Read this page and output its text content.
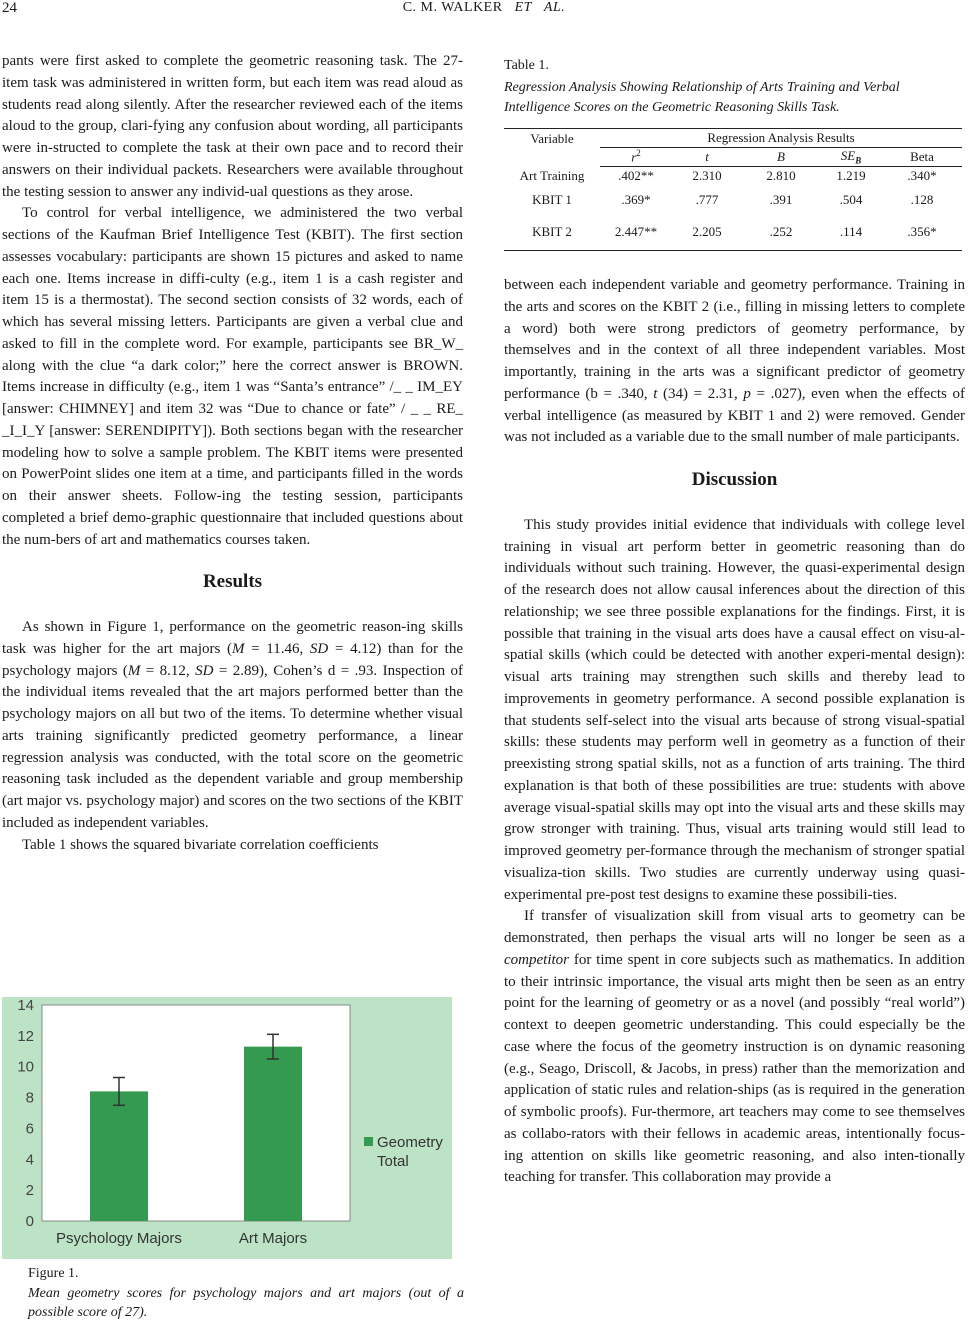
24	C. M. WALKER ET AL.

pants were first asked to complete the geometric reasoning task. The 27-item task was administered in written form, but each item was read aloud as students read along silently. After the researcher reviewed each of the items aloud to the group, clari-fying any confusion about wording, all participants were in-structed to complete the task at their own pace and to record their answers on their individual packets. Researchers were available throughout the testing session to answer any individ-ual questions as they arose.

To control for verbal intelligence, we administered the two verbal sections of the Kaufman Brief Intelligence Test (KBIT). The first section assesses vocabulary: participants are shown 15 pictures and asked to name each one. Items increase in diffi-culty (e.g., item 1 is a cash register and item 15 is a thermostat). The second section consists of 32 words, each of which has several missing letters. Participants are given a verbal clue and asked to fill in the complete word. For example, participants see BR_W_ along with the clue “a dark color;” here the correct answer is BROWN. Items increase in difficulty (e.g., item 1 was “Santa’s entrance” /_ _ IM_EY [answer: CHIMNEY] and item 32 was “Due to chance or fate” / _ _ RE_ _I_I_Y [answer: SERENDIPITY]). Both sections began with the researcher modeling how to solve a sample problem. The KBIT items were presented on PowerPoint slides one item at a time, and participants filled in the words on their answer sheets. Follow-ing the testing session, participants completed a brief demo-graphic questionnaire that included questions about the num-bers of art and mathematics courses taken.

Results

As shown in Figure 1, performance on the geometric reason-ing skills task was higher for the art majors (M = 11.46, SD = 4.12) than for the psychology majors (M = 8.12, SD = 2.89), Cohen’s d = .93. Inspection of the individual items revealed that the art majors performed better than the psychology majors on all but two of the items. To determine whether visual arts training significantly predicted geometry performance, a linear regression analysis was conducted, with the total score on the geometric reasoning task included as the dependent variable and group membership (art major vs. psychology major) and scores on the two sections of the KBIT included as independent variables.

Table 1 shows the squared bivariate correlation coefficients

0
2
4
6
8
10
12
14
Psychology Majors	Art Majors
Geometry
Total
Figure 1.
Mean geometry scores for psychology majors and art majors (out of a possible score of 27).
Table 1.
Regression Analysis Showing Relationship of Arts Training and Verbal Intelligence Scores on the Geometric Reasoning Skills Task.
Variable	Regression Analysis Results				
	$r^2$	t	B	$SE_B$	Beta
Art Training	.402**	2.310	2.810	1.219	.340*
KBIT 1	.369*	.777	.391	.504	.128
KBIT 2	2.447**	2.205	.252	.114	.356*

between each independent variable and geometry performance. Training in the arts and scores on the KBIT 2 (i.e., filling in missing letters to complete a word) both were strong predictors of geometry performance, by themselves and in the context of all three independent variables. Most importantly, training in the arts was a significant predictor of geometry performance (b = .340, t (34) = 2.31, p = .027), even when the effects of verbal intelligence (as measured by KBIT 1 and 2) were removed. Gender was not included as a variable due to the small number of male participants.

Discussion

This study provides initial evidence that individuals with college level training in visual art perform better in geometric reasoning than do individuals without such training. However, the quasi-experimental design of the research does not allow causal inferences about the direction of this relationship; we see three possible explanations for the findings. First, it is possible that training in the visual arts does have a causal effect on visu-al-spatial skills (which could be detected with another experi-mental design): visual arts training may strengthen such skills and thereby lead to improvements in geometry performance. A second possible explanation is that students self-select into the visual arts because of strong visual-spatial skills: these students may perform well in geometry as a function of their preexisting strong spatial skills, not as a function of arts training. The third explanation is that both of these possibilities are true: students with above average visual-spatial skills may opt into the visual arts and these skills may grow stronger with training. Thus, visual arts training would still lead to improved geometry per-formance through the mechanism of stronger spatial visualiza-tion skills. Two studies are currently underway using quasi-experimental pre-post test designs to examine these possibili-ties.

If transfer of visualization skill from visual arts to geometry can be demonstrated, then perhaps the visual arts will no longer be seen as a competitor for time spent in core subjects such as mathematics. In addition to their intrinsic importance, the visual arts might then be seen as an entry point for the learning of geometry or as a novel (and possibly “real world”) context to deepen geometric understanding. This could especially be the case where the focus of the geometry instruction is on dynamic reasoning (e.g., Seago, Driscoll, & Jacobs, in press) rather than the memorization and application of static rules and relation-ships (as is required in the generation of symbolic proofs). Fur-thermore, art teachers may come to see themselves as collabo-rators with their fellows in academic areas, intentionally focus-ing attention on skills like geometric reasoning, and also inten-tionally teaching for transfer. This collaboration may provide a
